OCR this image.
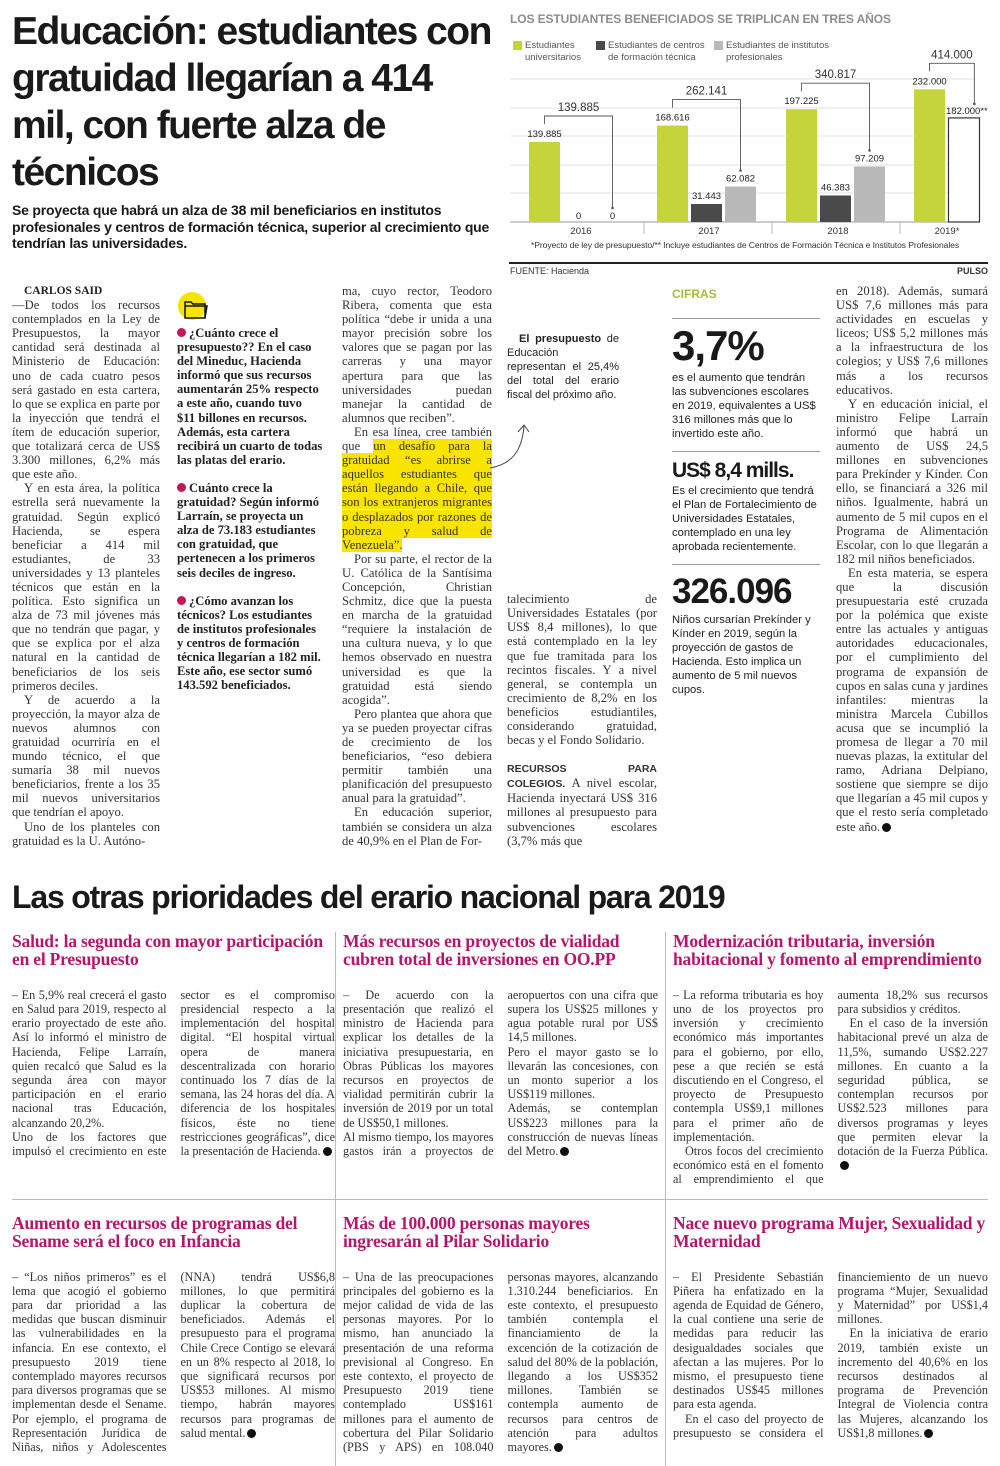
Educación: estudiantes con gratuidad llegarían a 414 mil, con fuerte alza de técnicos

Se proyecta que habrá un alza de 38 mil beneficiarios en institutos profesionales y centros de formación técnica, superior al crecimiento que tendrían las universidades.

LOS ESTUDIANTES BENEFICIADOS SE TRIPLICAN EN TRES AÑOS
Estudiantes universitarios
Estudiantes de centros de formación técnica
Estudiantes de institutos profesionales
139.885
0	0
2016
139.885
168.616
31.443
62.082
2017
262.141
197.225
46.383
97.209
2018
340.817
232.000
182.000**
2019*
414.000
*Proyecto de ley de presupuesto/** Incluye estudiantes de Centros de Formación Técnica e Institutos Profesionales
FUENTE: Hacienda	PULSO

CARLOS SAID

—De todos los recursos contemplados en la Ley de Presupuestos, la mayor cantidad será destinada al Ministerio de Educación: uno de cada cuatro pesos será gastado en esta cartera, lo que se explica en parte por la inyección que tendrá el ítem de educación superior, que totalizará cerca de US$ 3.300 millones, 6,2% más que este año.

Y en esta área, la política estrella será nuevamente la gratuidad. Según explicó Hacienda, se espera beneficiar a 414 mil estudiantes, de 33 universidades y 13 planteles técnicos que están en la política. Esto significa un alza de 73 mil jóvenes más que no tendrán que pagar, y que se explica por el alza natural en la cantidad de beneficiarios de los seis primeros deciles.

Y de acuerdo a la proyección, la mayor alza de nuevos alumnos con gratuidad ocurriría en el mundo técnico, el que sumaría 38 mil nuevos beneficiarios, frente a los 35 mil nuevos universitarios que tendrían el apoyo.

Uno de los planteles con gratuidad es la U. Autóno-

¿Cuánto crece el presupuesto?? En el caso del Mineduc, Hacienda informó que sus recursos aumentarán 25% respecto a este año, cuando tuvo $11 billones en recursos. Además, esta cartera recibirá un cuarto de todas las platas del erario.

Cuánto crece la gratuidad? Según informó Larraín, se proyecta un alza de 73.183 estudiantes con gratuidad, que pertenecen a los primeros seis deciles de ingreso.

¿Cómo avanzan los técnicos? Los estudiantes de institutos profesionales y centros de formación técnica llegarían a 182 mil. Este año, ese sector sumó 143.592 beneficiados.

ma, cuyo rector, Teodoro Ribera, comenta que esta política “debe ir unida a una mayor precisión sobre los valores que se pagan por las carreras y una mayor apertura para que las universidades puedan manejar la cantidad de alumnos que reciben”.

En esa línea, cree también que un desafío para la gratuidad “es abrirse a aquellos estudiantes que están llegando a Chile, que son los extranjeros migrantes o desplazados por razones de pobreza y salud de Venezuela”.

Por su parte, el rector de la U. Católica de la Santísima Concepción, Christian Schmitz, dice que la puesta en marcha de la gratuidad “requiere la instalación de una cultura nueva, y lo que hemos observado en nuestra universidad es que la gratuidad está siendo acogida”.

Pero plantea que ahora que ya se pueden proyectar cifras de crecimiento de los beneficiarios, “eso debiera permitir también una planificación del presupuesto anual para la gratuidad”.

En educación superior, también se considera un alza de 40,9% en el Plan de For-

El presupuesto de Educación representan el 25,4% del total del erario fiscal del próximo año.

talecimiento de Universidades Estatales (por US$ 8,4 millones), lo que está contemplado en la ley que fue tramitada para los recintos fiscales. Y a nivel general, se contempla un crecimiento de 8,2% en los beneficios estudiantiles, considerando gratuidad, becas y el Fondo Solidario.

RECURSOS PARA COLEGIOS. A nivel escolar, Hacienda inyectará US$ 316 millones al presupuesto para subvenciones escolares (3,7% más que

CIFRAS
3,7%
es el aumento que tendrán las subvenciones escolares en 2019, equivalentes a US$ 316 millones más que lo invertido este año.
US$ 8,4 mills.
Es el crecimiento que tendrá el Plan de Fortalecimiento de Universidades Estatales, contemplado en una ley aprobada recientemente.
326.096
Niños cursarían Prekínder y Kínder en 2019, según la proyección de gastos de Hacienda. Esto implica un aumento de 5 mil nuevos cupos.

en 2018). Además, sumará US$ 7,6 millones más para actividades en escuelas y liceos; US$ 5,2 millones más a la infraestructura de los colegios; y US$ 7,6 millones más a los recursos educativos.

Y en educación inicial, el ministro Felipe Larraín informó que habrá un aumento de US$ 24,5 millones en subvenciones para Prekínder y Kínder. Con ello, se financiará a 326 mil niños. Igualmente, habrá un aumento de 5 mil cupos en el Programa de Alimentación Escolar, con lo que llegarán a 182 mil niños beneficiados.

En esta materia, se espera que la discusión presupuestaria esté cruzada por la polémica que existe entre las actuales y antiguas autoridades educacionales, por el cumplimiento del programa de expansión de cupos en salas cuna y jardines infantiles: mientras la ministra Marcela Cubillos acusa que se incumplió la promesa de llegar a 70 mil nuevas plazas, la extitular del ramo, Adriana Delpiano, sostiene que siempre se dijo que llegarían a 45 mil cupos y que el resto sería completado este año.

Las otras prioridades del erario nacional para 2019
Salud: la segunda con mayor participación en el Presupuesto

– En 5,9% real crecerá el gasto en Salud para 2019, respecto al erario proyectado de este año. Así lo informó el ministro de Hacienda, Felipe Larraín, quien recalcó que Salud es la segunda área con mayor participación en el erario nacional tras Educación, alcanzando 20,2%.

Uno de los factores que impulsó el crecimiento en este sector es el compromiso presidencial respecto a la implementación del hospital digital. “El hospital virtual opera de manera descentralizada con horario continuado los 7 días de la semana, las 24 horas del día. A diferencia de los hospitales físicos, éste no tiene restricciones geográficas”, dice la presentación de Hacienda.

Más recursos en proyectos de vialidad cubren total de inversiones en OO.PP

– De acuerdo con la presentación que realizó el ministro de Hacienda para explicar los detalles de la iniciativa presupuestaria, en Obras Públicas los mayores recursos en proyectos de vialidad permitirán cubrir la inversión de 2019 por un total de US$50,1 millones.

Al mismo tiempo, los mayores gastos irán a proyectos de aeropuertos con una cifra que supera los US$25 millones y agua potable rural por US$ 14,5 millones.

Pero el mayor gasto se lo llevarán las concesiones, con un monto superior a los US$119 millones.

Además, se contemplan US$223 millones para la construcción de nuevas líneas del Metro.

Modernización tributaria, inversión habitacional y fomento al emprendimiento

– La reforma tributaria es hoy uno de los proyectos pro inversión y crecimiento económico más importantes para el gobierno, por ello, pese a que recién se está discutiendo en el Congreso, el proyecto de Presupuesto contempla US$9,1 millones para el primer año de implementación.

Otros focos del crecimiento económico está en el fomento al emprendimiento el que aumenta 18,2% sus recursos para subsidios y créditos.

En el caso de la inversión habitacional prevé un alza de 11,5%, sumando US$2.227 millones. En cuanto a la seguridad pública, se contemplan recursos por US$2.523 millones para diversos programas y leyes que permiten elevar la dotación de la Fuerza Pública.

Aumento en recursos de programas del Sename será el foco en Infancia

– “Los niños primeros” es el lema que acogió el gobierno para dar prioridad a las medidas que buscan disminuir las vulnerabilidades en la infancia. En ese contexto, el presupuesto 2019 tiene contemplado mayores recursos para diversos programas que se implementan desde el Sename. Por ejemplo, el programa de Representación Jurídica de Niñas, niños y Adolescentes (NNA) tendrá US$6,8 millones, lo que permitirá duplicar la cobertura de beneficiados. Además el presupuesto para el programa Chile Crece Contigo se elevará en un 8% respecto al 2018, lo que significará recursos por US$53 millones. Al mismo tiempo, habrán mayores recursos para programas de salud mental.

Más de 100.000 personas mayores ingresarán al Pilar Solidario

– Una de las preocupaciones principales del gobierno es la mejor calidad de vida de las personas mayores. Por lo mismo, han anunciado la presentación de una reforma previsional al Congreso. En este contexto, el proyecto de Presupuesto 2019 tiene contemplado US$161 millones para el aumento de cobertura del Pilar Solidario (PBS y APS) en 108.040 personas mayores, alcanzando 1.310.244 beneficiarios. En este contexto, el presupuesto también contempla el financiamiento de la excención de la cotización de salud del 80% de la población, llegando a los US$352 millones. También se contempla aumento de recursos para centros de atención para adultos mayores.

Nace nuevo programa Mujer, Sexualidad y Maternidad

– El Presidente Sebastián Piñera ha enfatizado en la agenda de Equidad de Género, la cual contiene una serie de medidas para reducir las desigualdades sociales que afectan a las mujeres. Por lo mismo, el presupuesto tiene destinados US$45 millones para esta agenda.

En el caso del proyecto de presupuesto se considera el financiemiento de un nuevo programa “Mujer, Sexualidad y Maternidad” por US$1,4 millones.

En la iniciativa de erario 2019, también existe un incremento del 40,6% en los recursos destinados al programa de Prevención Integral de Violencia contra las Mujeres, alcanzando los US$1,8 millones.
